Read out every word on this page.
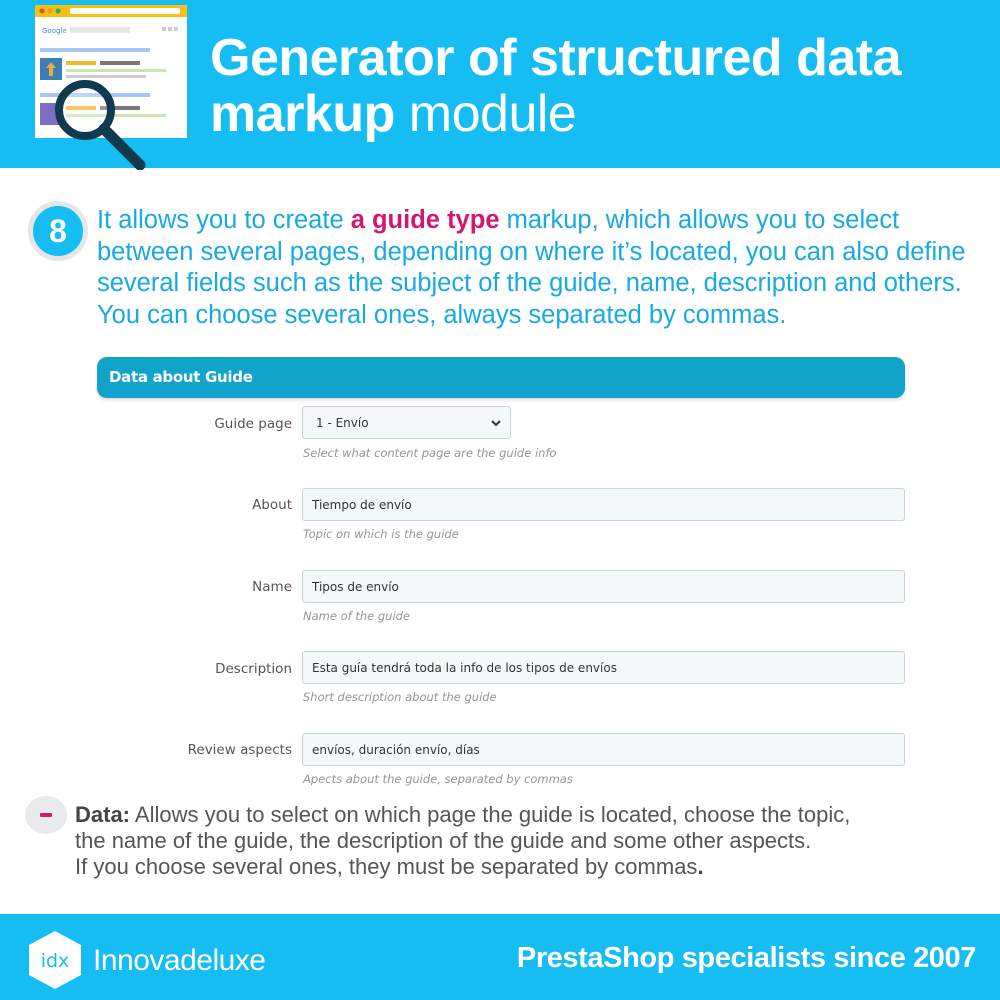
Google	Generator of structured data
markup module
8	It allows you to create a guide type markup, which allows you to select between several pages, depending on where it’s located, you can also define several fields such as the subject of the guide, name, description and others. You can choose several ones, always separated by commas.
Data about Guide
Guide page 1 - Envío
Select what content page are the guide info
About Tiempo de envío
Topic on which is the guide
Name Tipos de envío
Name of the guide
Description Esta guía tendrá toda la info de los tipos de envíos
Short description about the guide
Review aspects envíos, duración envío, días
Apects about the guide, separated by commas
Data: Allows you to select on which page the guide is located, choose the topic,
the name of the guide, the description of the guide and some other aspects.
If you choose several ones, they must be separated by commas.
idx Innovadeluxe	PrestaShop specialists since 2007
